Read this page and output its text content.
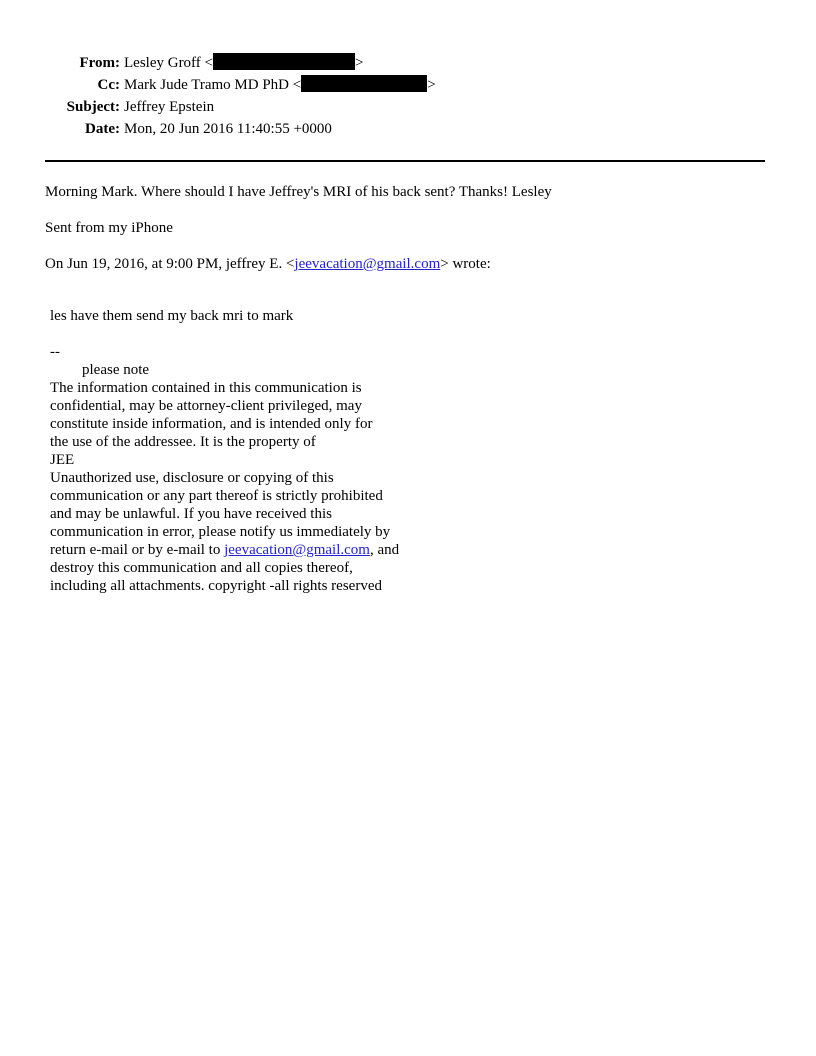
From: Lesley Groff <	>
Cc: Mark Jude Tramo MD PhD <	>
Subject: Jeffrey Epstein
Date: Mon, 20 Jun 2016 11:40:55 +0000
Morning Mark. Where should I have Jeffrey's MRI of his back sent? Thanks! Lesley
Sent from my iPhone
On Jun 19, 2016, at 9:00 PM, jeffrey E. <jeevacation@gmail.com> wrote:
les have them send my back mri to mark
--
please note
The information contained in this communication is
confidential, may be attorney-client privileged, may
constitute inside information, and is intended only for
the use of the addressee. It is the property of
JEE
Unauthorized use, disclosure or copying of this
communication or any part thereof is strictly prohibited
and may be unlawful. If you have received this
communication in error, please notify us immediately by
return e-mail or by e-mail to jeevacation@gmail.com, and
destroy this communication and all copies thereof,
including all attachments. copyright -all rights reserved
